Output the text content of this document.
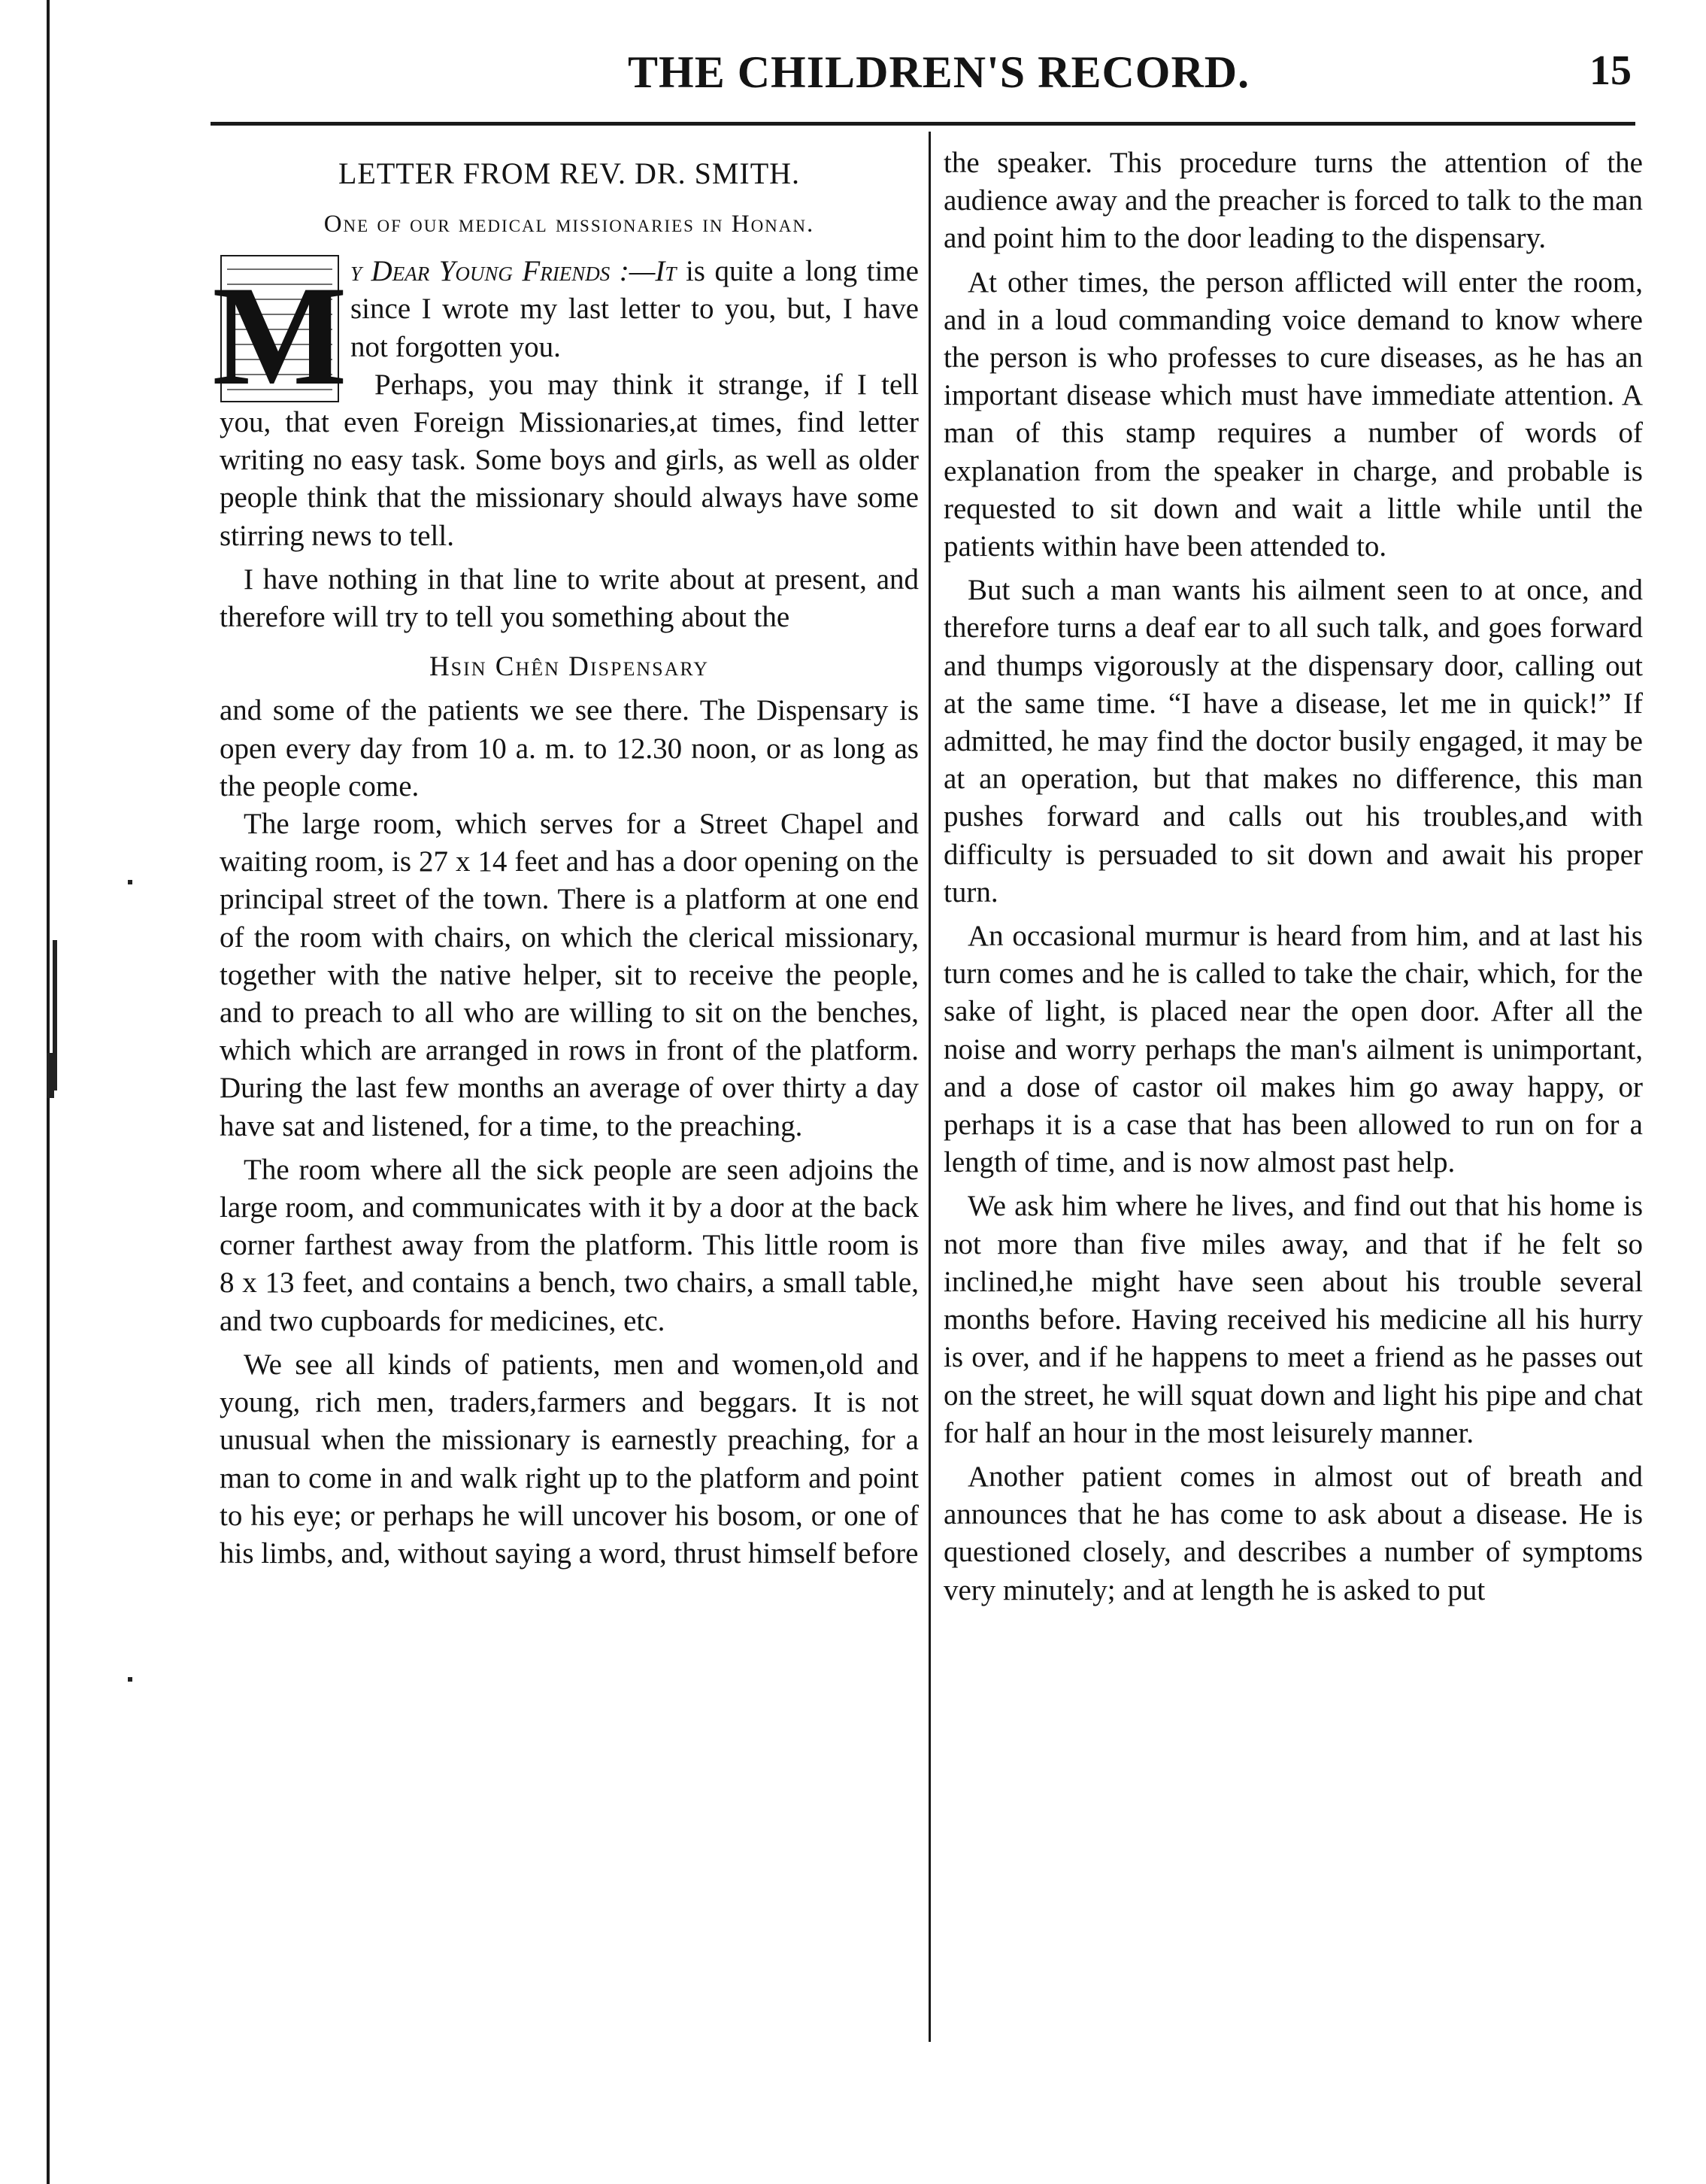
THE CHILDREN'S RECORD.	15
LETTER FROM REV. DR. SMITH.
One of our medical missionaries in Honan.
M y Dear Young Friends :—It is quite a long time since I wrote my last letter to you, but, I have not forgotten you.

Perhaps, you may think it strange, if I tell you, that even Foreign Missionaries,at times, find letter writing no easy task. Some boys and girls, as well as older people think that the missionary should always have some stirring news to tell.

I have nothing in that line to write about at present, and therefore will try to tell you something about the

Hsin Chên Dispensary

and some of the patients we see there. The Dispensary is open every day from 10 a. m. to 12.30 noon, or as long as the people come.

The large room, which serves for a Street Chapel and waiting room, is 27 x 14 feet and has a door opening on the principal street of the town. There is a platform at one end of the room with chairs, on which the clerical missionary, together with the native helper, sit to receive the people, and to preach to all who are willing to sit on the benches, which which are arranged in rows in front of the platform. During the last few months an average of over thirty a day have sat and listened, for a time, to the preaching.

The room where all the sick people are seen adjoins the large room, and communicates with it by a door at the back corner farthest away from the platform. This little room is 8 x 13 feet, and contains a bench, two chairs, a small table, and two cupboards for medicines, etc.

We see all kinds of patients, men and women,old and young, rich men, traders,farmers and beggars. It is not unusual when the missionary is earnestly preaching, for a man to come in and walk right up to the platform and point to his eye; or perhaps he will uncover his bosom, or one of his limbs, and, without saying a word, thrust himself before

the speaker. This procedure turns the attention of the audience away and the preacher is forced to talk to the man and point him to the door leading to the dispensary.

At other times, the person afflicted will enter the room, and in a loud commanding voice demand to know where the person is who professes to cure diseases, as he has an important disease which must have immediate attention. A man of this stamp requires a number of words of explanation from the speaker in charge, and probable is requested to sit down and wait a little while until the patients within have been attended to.

But such a man wants his ailment seen to at once, and therefore turns a deaf ear to all such talk, and goes forward and thumps vigorously at the dispensary door, calling out at the same time. “I have a disease, let me in quick!” If admitted, he may find the doctor busily engaged, it may be at an operation, but that makes no difference, this man pushes forward and calls out his troubles,and with difficulty is persuaded to sit down and await his proper turn.

An occasional murmur is heard from him, and at last his turn comes and he is called to take the chair, which, for the sake of light, is placed near the open door. After all the noise and worry perhaps the man's ailment is unimportant, and a dose of castor oil makes him go away happy, or perhaps it is a case that has been allowed to run on for a length of time, and is now almost past help.

We ask him where he lives, and find out that his home is not more than five miles away, and that if he felt so inclined,he might have seen about his trouble several months before. Having received his medicine all his hurry is over, and if he happens to meet a friend as he passes out on the street, he will squat down and light his pipe and chat for half an hour in the most leisurely manner.

Another patient comes in almost out of breath and announces that he has come to ask about a disease. He is questioned closely, and describes a number of symptoms very minutely; and at length he is asked to put
